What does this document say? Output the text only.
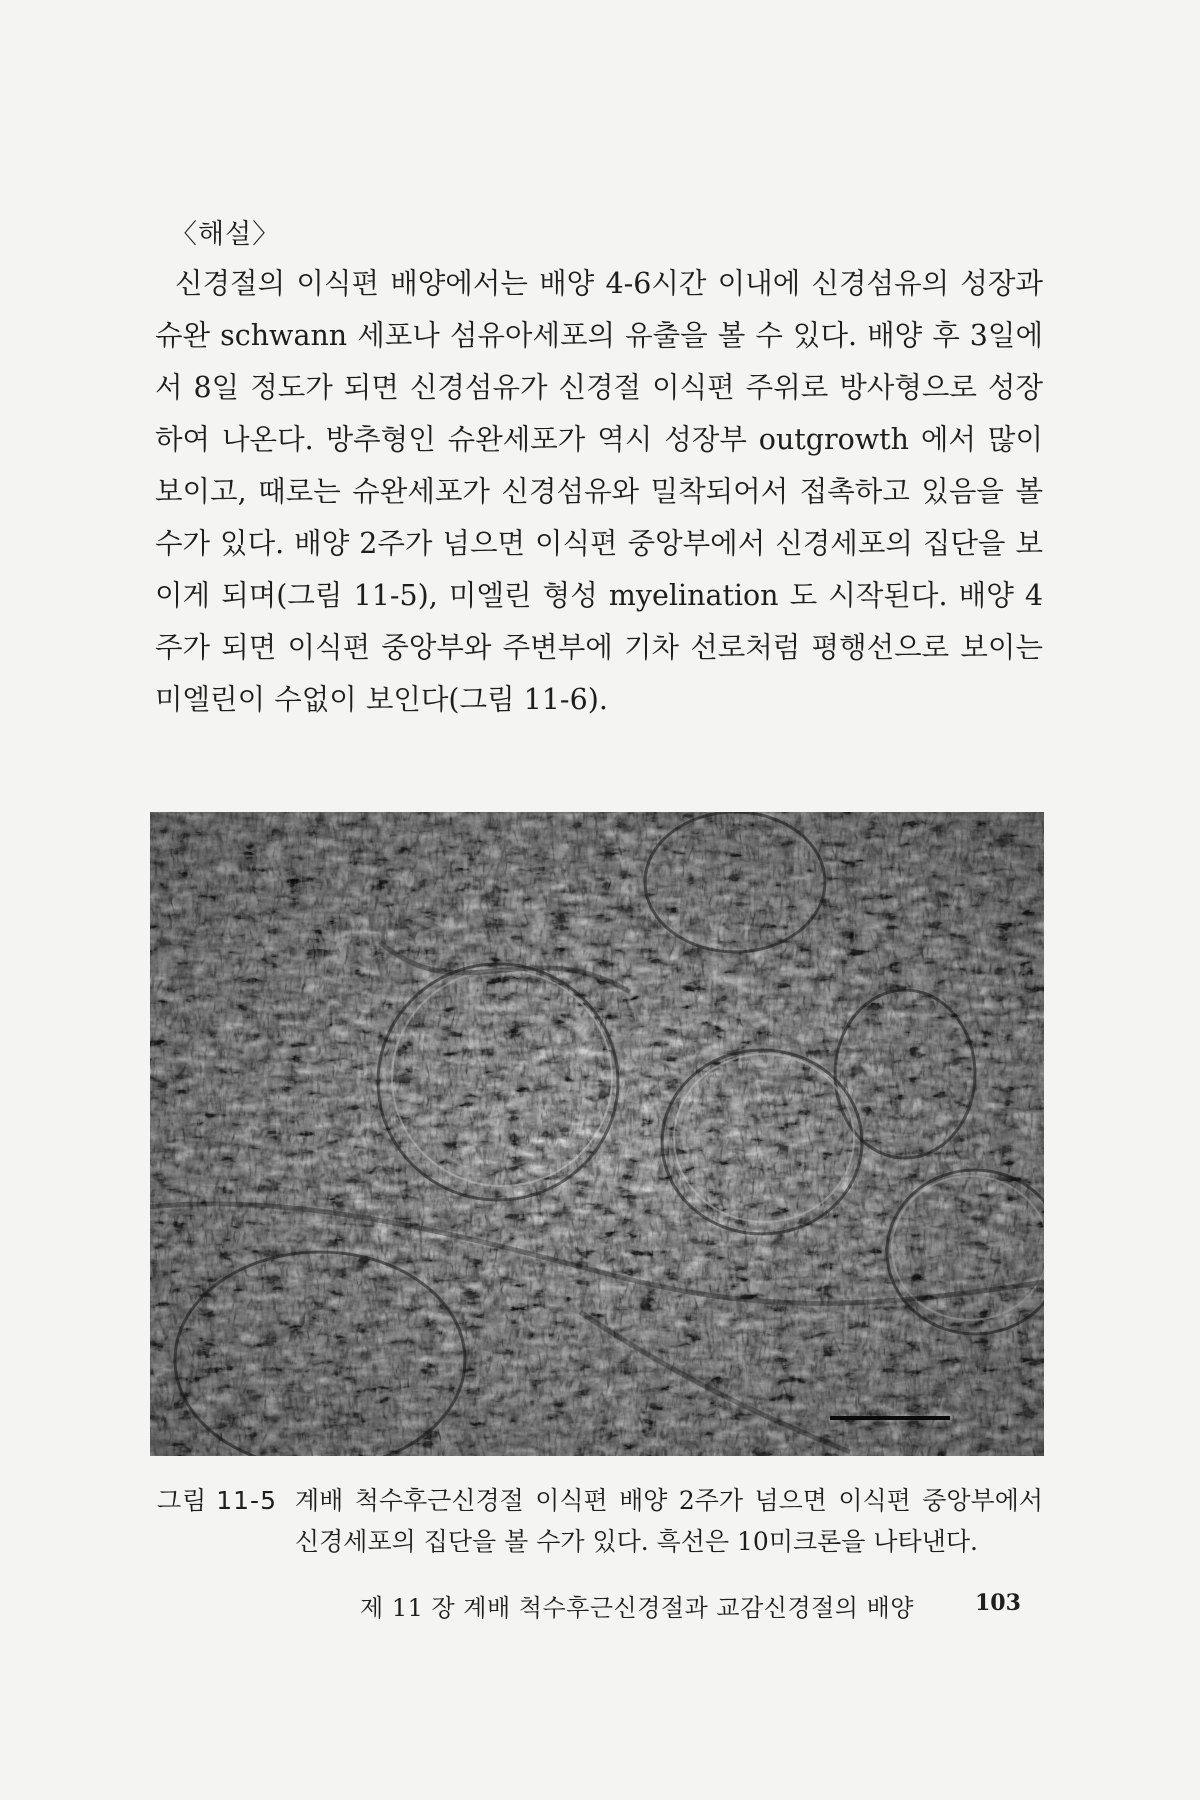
〈해설〉

신경절의 이식편 배양에서는 배양 4-6시간 이내에 신경섬유의 성장과 슈완 schwann 세포나 섬유아세포의 유출을 볼 수 있다. 배양 후 3일에서 8일 정도가 되면 신경섬유가 신경절 이식편 주위로 방사형으로 성장하여 나온다. 방추형인 슈완세포가 역시 성장부 outgrowth 에서 많이 보이고, 때로는 슈완세포가 신경섬유와 밀착되어서 접촉하고 있음을 볼 수가 있다. 배양 2주가 넘으면 이식편 중앙부에서 신경세포의 집단을 보이게 되며(그림 11-5), 미엘린 형성 myelination 도 시작된다. 배양 4주가 되면 이식편 중앙부와 주변부에 기차 선로처럼 평행선으로 보이는 미엘린이 수없이 보인다(그림 11-6).

그림 11-5 계배 척수후근신경절 이식편 배양 2주가 넘으면 이식편 중앙부에서 신경세포의 집단을 볼 수가 있다. 흑선은 10미크론을 나타낸다.
제 11 장 계배 척수후근신경절과 교감신경절의 배양	103
